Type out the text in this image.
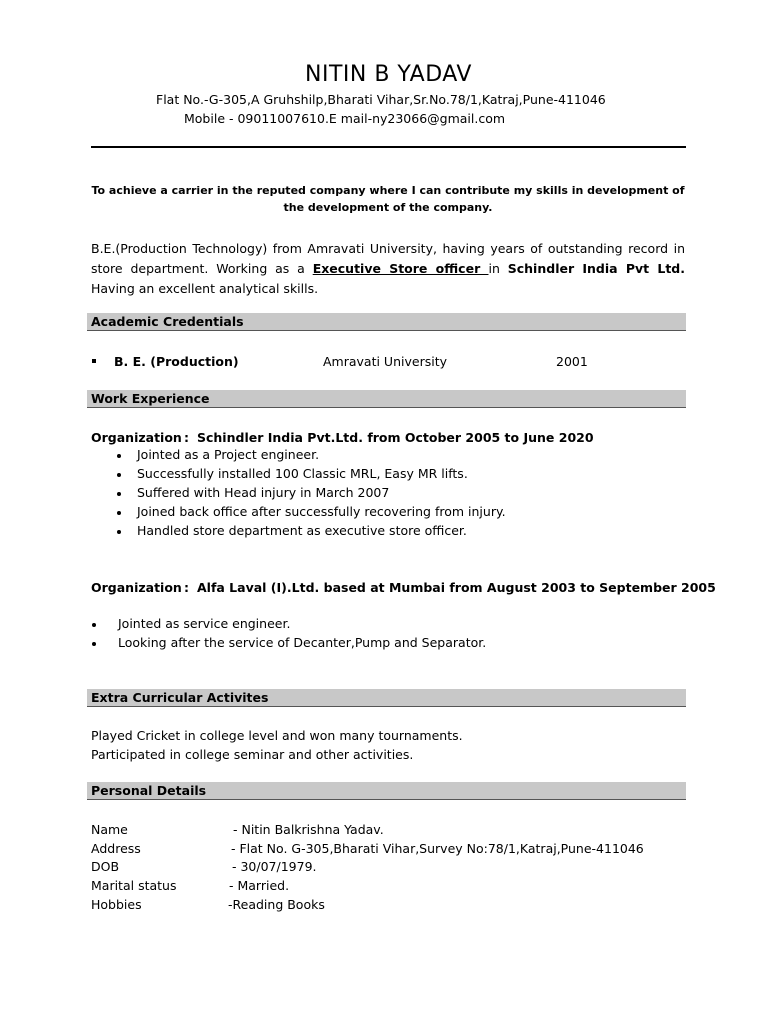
NITIN B YADAV
Flat No.-G-305,A Gruhshilp,Bharati Vihar,Sr.No.78/1,Katraj,Pune-411046
Mobile - 09011007610.E mail-ny23066@gmail.com
To achieve a carrier in the reputed company where I can contribute my skills in development of the development of the company.
B.E.(Production Technology) from Amravati University, having years of outstanding record in store department. Working as a Executive Store officer in Schindler India Pvt Ltd. Having an excellent analytical skills.
Academic Credentials
B. E. (Production)	Amravati University	2001
Work Experience
Organization : Schindler India Pvt.Ltd. from October 2005 to June 2020
Jointed as a Project engineer.
Successfully installed 100 Classic MRL, Easy MR lifts.
Suffered with Head injury in March 2007
Joined back office after successfully recovering from injury.
Handled store department as executive store officer.
Organization : Alfa Laval (I).Ltd. based at Mumbai from August 2003 to September 2005
Jointed as service engineer.
Looking after the service of Decanter,Pump and Separator.
Extra Curricular Activites
Played Cricket in college level and won many tournaments.
Participated in college seminar and other activities.
Personal Details
Name	- Nitin Balkrishna Yadav.
Address	- Flat No. G-305,Bharati Vihar,Survey No:78/1,Katraj,Pune-411046
DOB	- 30/07/1979.
Marital status	- Married.
Hobbies	-Reading Books
